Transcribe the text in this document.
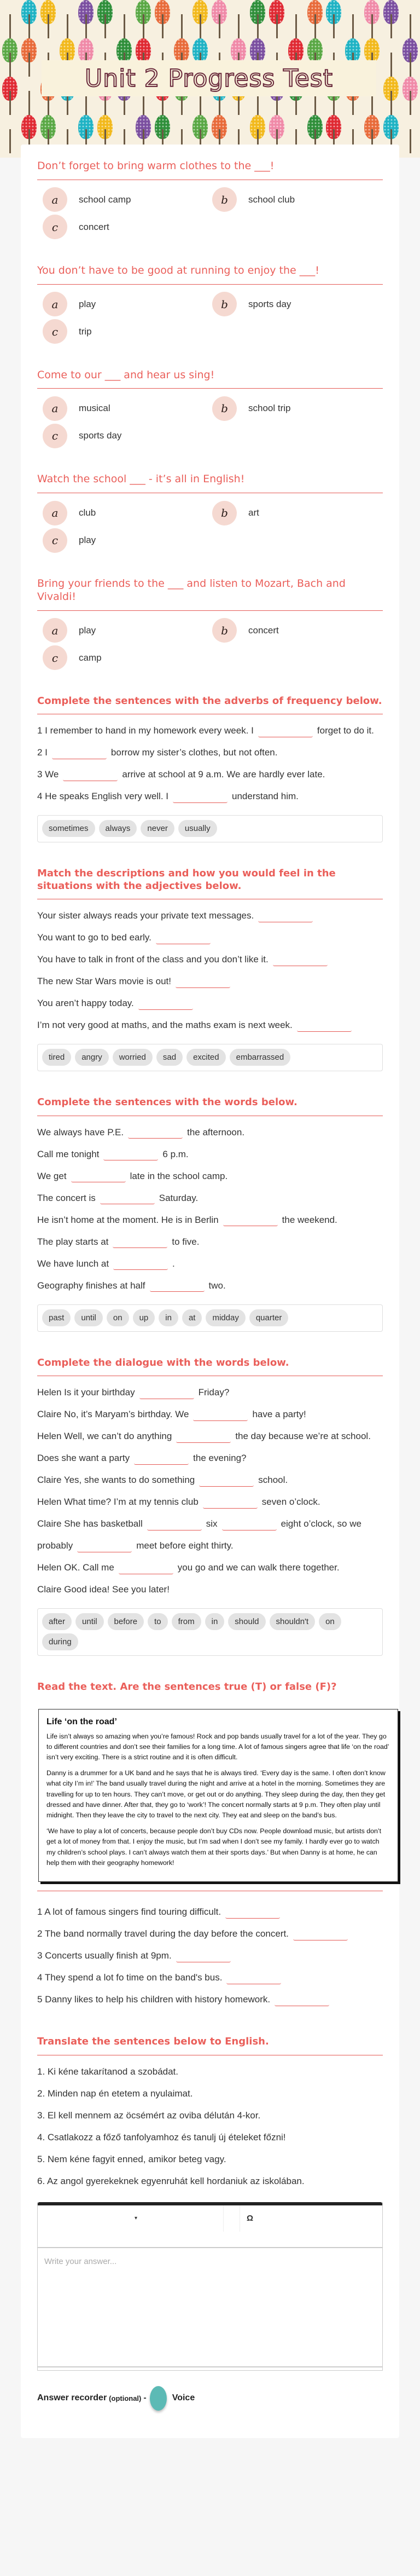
Unit 2 Progress Test
Don’t forget to bring warm clothes to the ___!
a	school camp	b	school club
c	concert
You don’t have to be good at running to enjoy the ___!
a	play	b	sports day
c	trip
Come to our ___ and hear us sing!
a	musical	b	school trip
c	sports day
Watch the school ___ - it’s all in English!
a	club	b	art
c	play
Bring your friends to the ___ and listen to Mozart, Bach and Vivaldi!
a	play	b	concert
c	camp
Complete the sentences with the adverbs of frequency below.

1 I remember to hand in my homework every week. I	forget to do it.

2 I	borrow my sister’s clothes, but not often.

3 We	arrive at school at 9 a.m. We are hardly ever late.

4 He speaks English very well. I	understand him.

sometimes	always	never	usually
Match the descriptions and how you would feel in the situations with the adjectives below.

Your sister always reads your private text messages.

You want to go to bed early.

You have to talk in front of the class and you don’t like it.

The new Star Wars movie is out!

You aren’t happy today.

I’m not very good at maths, and the maths exam is next week.

tired	angry	worried	sad	excited	embarrassed
Complete the sentences with the words below.

We always have P.E.	the afternoon.

Call me tonight	6 p.m.

We get	late in the school camp.

The concert is	Saturday.

He isn’t home at the moment. He is in Berlin	the weekend.

The play starts at	to five.

We have lunch at	.

Geography finishes at half	two.

past	until	on	up	in	at	midday	quarter
Complete the dialogue with the words below.

Helen Is it your birthday	Friday?

Claire No, it’s Maryam’s birthday. We	have a party!

Helen Well, we can’t do anything	the day because we’re at school. Does she want a party	the evening?

Claire Yes, she wants to do something	school.

Helen What time? I’m at my tennis club	seven o’clock.

Claire She has basketball	six	eight o’clock, so we probably	meet before eight thirty.

Helen OK. Call me	you go and we can walk there together.

Claire Good idea! See you later!

after	until	before	to	from	in	should	shouldn't	on
during
Read the text. Are the sentences true (T) or false (F)?
Life ‘on the road’

Life isn’t always so amazing when you’re famous! Rock and pop bands usually travel for a lot of the year. They go to different countries and don’t see their families for a long time. A lot of famous singers agree that life ‘on the road’ isn’t very exciting. There is a strict routine and it is often difficult.

Danny is a drummer for a UK band and he says that he is always tired. ‘Every day is the same. I often don’t know what city I’m in!’ The band usually travel during the night and arrive at a hotel in the morning. Sometimes they are travelling for up to ten hours. They can’t move, or get out or do anything. They sleep during the day, then they get dressed and have dinner. After that, they go to ‘work’! The concert normally starts at 9 p.m. They often play until midnight. Then they leave the city to travel to the next city. They eat and sleep on the band’s bus.

‘We have to play a lot of concerts, because people don’t buy CDs now. People download music, but artists don’t get a lot of money from that. I enjoy the music, but I’m sad when I don’t see my family. I hardly ever go to watch my children’s school plays. I can’t always watch them at their sports days.’ But when Danny is at home, he can help them with their geography homework!

1 A lot of famous singers find touring difficult.

2 The band normally travel during the day before the concert.

3 Concerts usually finish at 9pm.

4 They spend a lot fo time on the band's bus.

5 Danny likes to help his children with history homework.

Translate the sentences below to English.

1. Ki kéne takarítanod a szobádat.

2. Minden nap én etetem a nyulaimat.

3. El kell mennem az öcsémért az oviba délután 4-kor.

4. Csatlakozz a főző tanfolyamhoz és tanulj új ételeket főzni!

5. Nem kéne fagyit enned, amikor beteg vagy.

6. Az angol gyerekeknek egyenruhát kell hordaniuk az iskolában.

▾	Ω
Write your answer...
Answer recorder (optional) -	Voice
